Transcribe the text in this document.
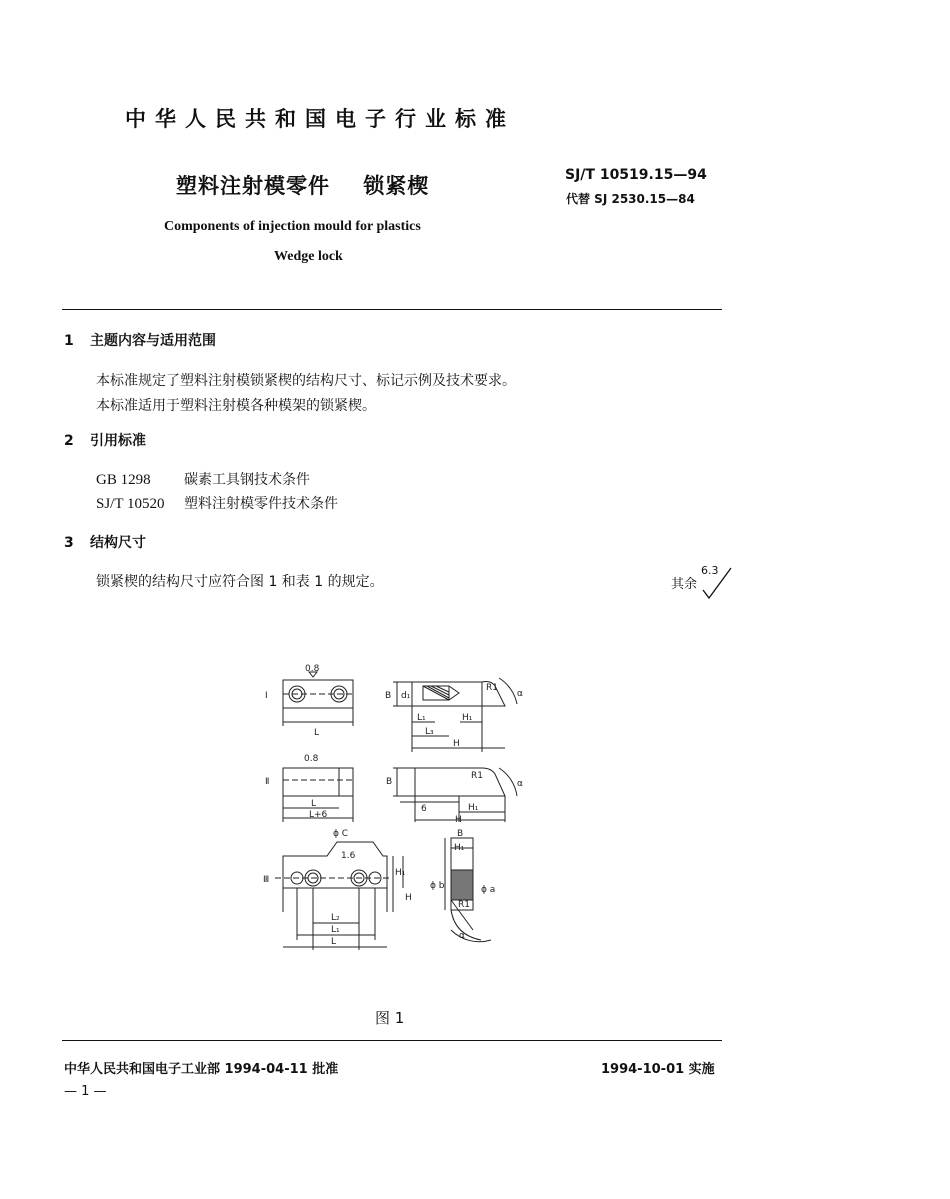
中华人民共和国电子行业标准
塑料注射模零件    锁紧楔	SJ/T 10519.15—94
代替 SJ 2530.15—84
Components of injection mould for plastics
Wedge lock
1 主题内容与适用范围
本标准规定了塑料注射模锁紧楔的结构尺寸、标记示例及技术要求。
本标准适用于塑料注射模各种模架的锁紧楔。
2 引用标准
GB 1298 碳素工具钢技术条件
SJ/T 10520 塑料注射模零件技术条件
3 结构尺寸
锁紧楔的结构尺寸应符合图 1 和表 1 的规定。	其余
6.3
I
Ⅱ
Ⅲ
0.8
L
B d₁
R1
L₁	H₁
L₃
H
α
0.8
L
L+6
B
R1
6	H₁
H
α
ϕ C
1.6
L₂
L₁
L
H₁
H
B
H₁
ϕ b	ϕ a
R1
α
图 1
中华人民共和国电子工业部 1994-04-11 批准	1994-10-01 实施
— 1 —
